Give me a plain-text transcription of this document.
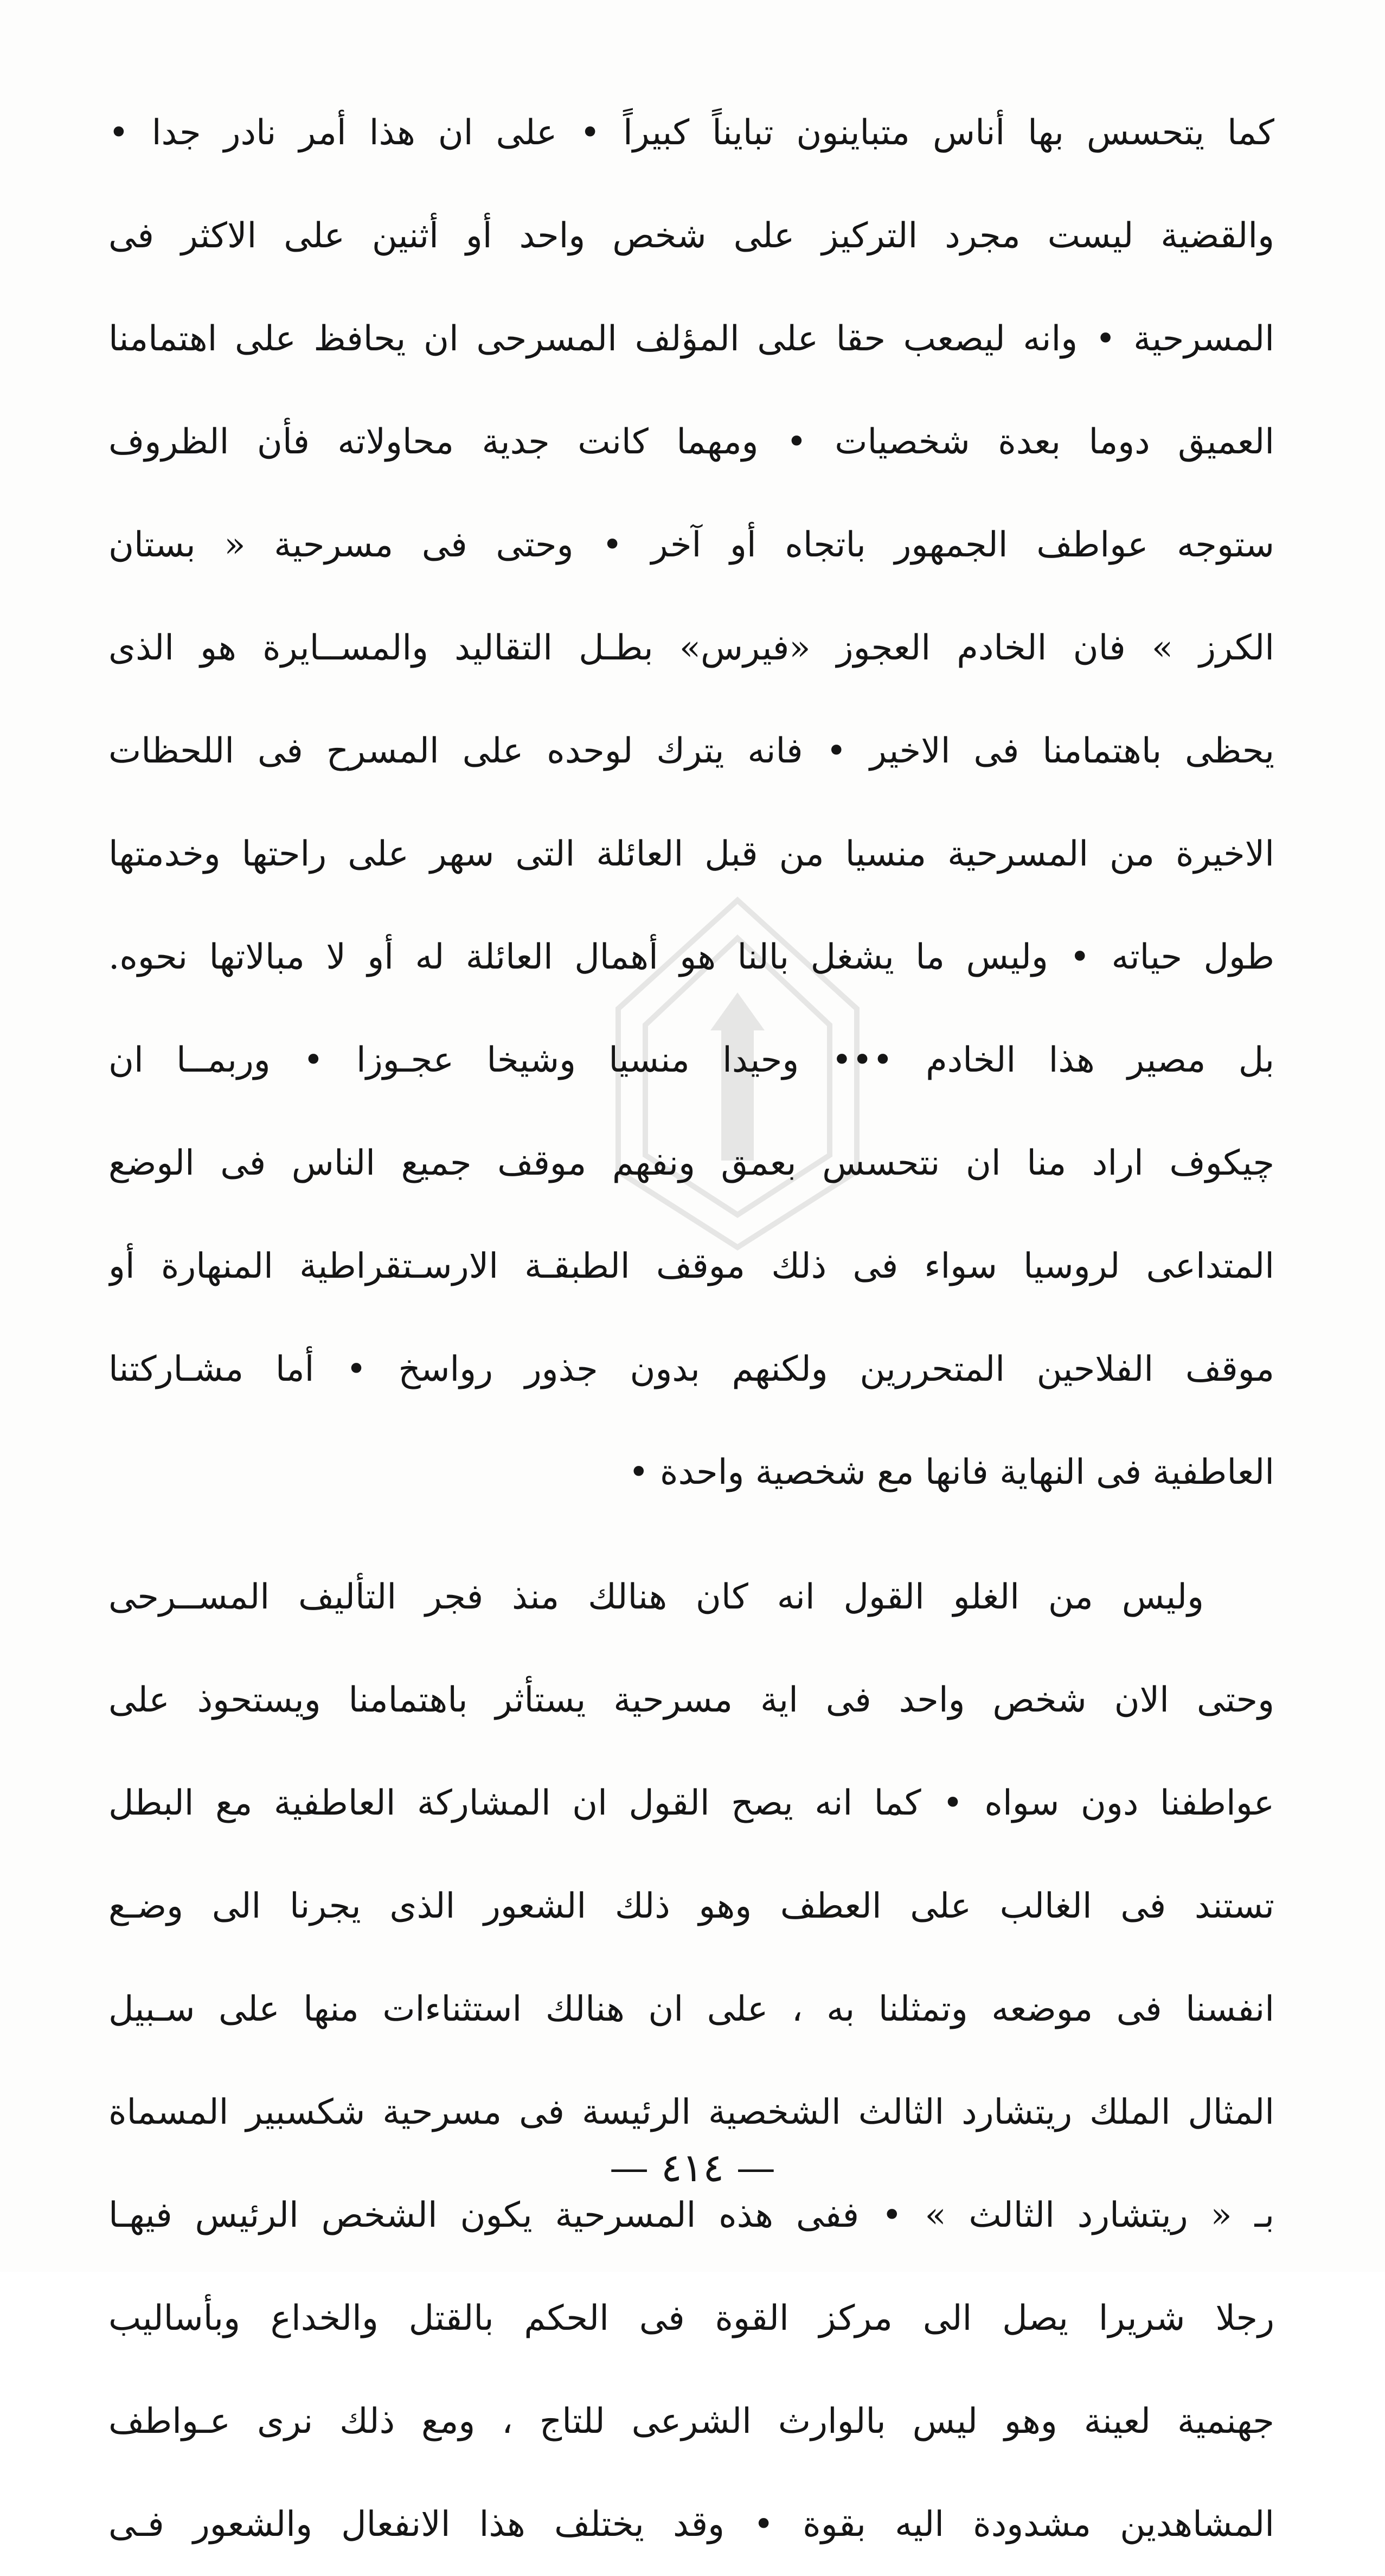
كما يتحسس بها أناس متباينون تبايناً كبيراً • على ان هذا أمر نادر جدا •
والقضية ليست مجرد التركيز على شخص واحد أو أثنين على الاكثر فى
المسرحية • وانه ليصعب حقا على المؤلف المسرحى ان يحافظ على اهتمامنا
العميق دوما بعدة شخصيات • ومهما كانت جدية محاولاته فأن الظروف
ستوجه عواطف الجمهور باتجاه أو آخر • وحتى فى مسرحية « بستان
الكرز » فان الخادم العجوز «فيرس» بطـل التقاليد والمســايرة هو الذى
يحظى باهتمامنا فى الاخير • فانه يترك لوحده على المسرح فى اللحظات
الاخيرة من المسرحية منسيا من قبل العائلة التى سهر على راحتها وخدمتها
طول حياته • وليس ما يشغل بالنا هو أهمال العائلة له أو لا مبالاتها نحوه.
بل مصير هذا الخادم ••• وحيدا منسيا وشيخا عجـوزا • وربمــا ان
چيكوف اراد منا ان نتحسس بعمق ونفهم موقف جميع الناس فى الوضع
المتداعى لروسيا سواء فى ذلك موقف الطبقـة الارسـتقراطية المنهارة أو
موقف الفلاحين المتحررين ولكنهم بدون جذور رواسخ • أما مشـاركتنا
العاطفية فى النهاية فانها مع شخصية واحدة •
وليس من الغلو القول انه كان هنالك منذ فجر التأليف المســرحى
وحتى الان شخص واحد فى اية مسرحية يستأثر باهتمامنا ويستحوذ على
عواطفنا دون سواه • كما انه يصح القول ان المشاركة العاطفية مع البطل
تستند فى الغالب على العطف وهو ذلك الشعور الذى يجرنا الى وضـع
انفسنا فى موضعه وتمثلنا به ، على ان هنالك استثناءات منها على سـبيل
المثال الملك ريتشارد الثالث الشخصية الرئيسة فى مسرحية شكسبير المسماة
بـ « ريتشارد الثالث » • ففى هذه المسرحية يكون الشخص الرئيس فيهـا
رجلا شريرا يصل الى مركز القوة فى الحكم بالقتل والخداع وبأساليب
جهنمية لعينة وهو ليس بالوارث الشرعى للتاج ، ومع ذلك نرى عـواطف
المشاهدين مشدودة اليه بقوة • وقد يختلف هذا الانفعال والشعور فـى
— ٤١٤ —
